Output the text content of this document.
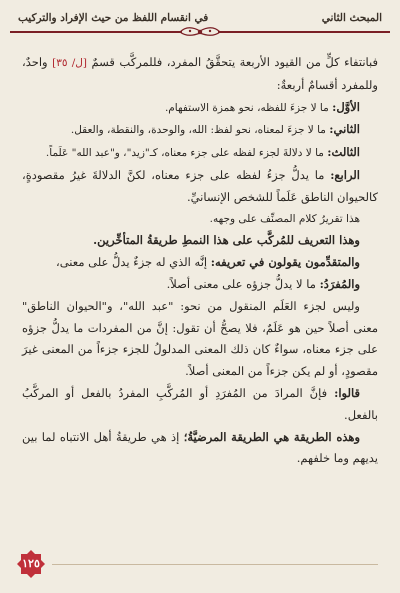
المبحث الثاني
في انقسام اللفظ من حيث الإفراد والتركيب

فبانتفاء كلٍّ من القيود الأربعة يتحقَّقُ المفرد، فللمركَّب قسمٌ [ل/ ٣٥] واحدٌ، وللمفرد أقسامٌ أربعةٌ:

الأوَّل: ما لا جزءَ للفظه، نحو همزة الاستفهام.

الثاني: ما لا جزءَ لمعناه، نحو لفظ: الله، والوحدة، والنقطة، والعقل.

الثالث: ما لا دلالةَ لجزء لفظه على جزء معناه، كـ"زيد"، و"عبد الله" عَلَماً.

الرابع: ما يدلُّ جزءُ لفظه على جزء معناه، لكنَّ الدلالةَ غيرُ مقصودةٍ، كالحيوان الناطق عَلَماً للشخص الإنسانيِّ.

هذا تقريرُ كلام المصنِّف على وجهه.

وهذا التعريف للمُركَّب على هذا النمطِ طريقةُ المتأخِّرين.

والمتقدِّمون يقولون في تعريفه: إنَّه الذي له جزءٌ يدلُّ على معنى،

والمُفرَدُ: ما لا يدلُّ جزؤه على معنى أصلاً.

وليس لجزء العَلَم المنقول من نحو: "عبد الله"، و"الحيوان الناطق" معنى أصلاً حين هو عَلَمٌ، فلا يصحُّ أن تقول: إنَّ من المفردات ما يدلُّ جزؤه على جزء معناه، سواءٌ كان ذلك المعنى المدلولُ للجزء جزءاً من المعنى غيرَ مقصودٍ، أو لم يكن جزءاً من المعنى أصلاً.

قالوا: فإنَّ المرادَ من المُفرَدِ أو المُركَّبِ المفردُ بالفعل أو المركَّبُ بالفعل.

وهذه الطريقة هي الطريقة المرضيَّةُ؛ إذ هي طريقةُ أهل الانتباه لما بين يديهم وما خلفهم.

١٢٥
